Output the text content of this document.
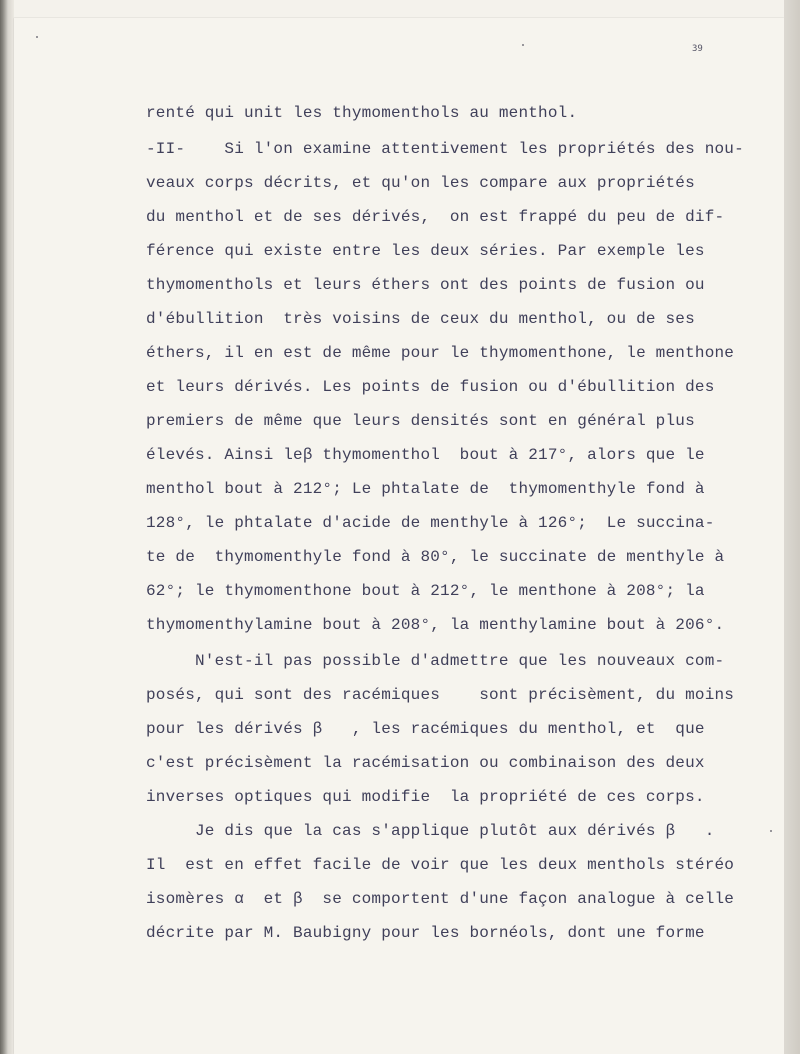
39
renté qui unit les thymomenthols au menthol.
-II-    Si l'on examine attentivement les propriétés des nou-
veaux corps décrits, et qu'on les compare aux propriétés
du menthol et de ses dérivés,  on est frappé du peu de dif-
férence qui existe entre les deux séries. Par exemple les
thymomenthols et leurs éthers ont des points de fusion ou
d'ébullition  très voisins de ceux du menthol, ou de ses
éthers, il en est de même pour le thymomenthone, le menthone
et leurs dérivés. Les points de fusion ou d'ébullition des
premiers de même que leurs densités sont en général plus
élevés. Ainsi leβ thymomenthol  bout à 217°, alors que le
menthol bout à 212°; Le phtalate de  thymomenthyle fond à
128°, le phtalate d'acide de menthyle à 126°;  Le succina-
te de  thymomenthyle fond à 80°, le succinate de menthyle à
62°; le thymomenthone bout à 212°, le menthone à 208°; la
thymomenthylamine bout à 208°, la menthylamine bout à 206°.
N'est-il pas possible d'admettre que les nouveaux com-
posés, qui sont des racémiques    sont précisèment, du moins
pour les dérivés β   , les racémiques du menthol, et  que
c'est précisèment la racémisation ou combinaison des deux
inverses optiques qui modifie  la propriété de ces corps.
Je dis que la cas s'applique plutôt aux dérivés β   .
Il  est en effet facile de voir que les deux menthols stéréo
isomères α  et β  se comportent d'une façon analogue à celle
décrite par M. Baubigny pour les bornéols, dont une forme
